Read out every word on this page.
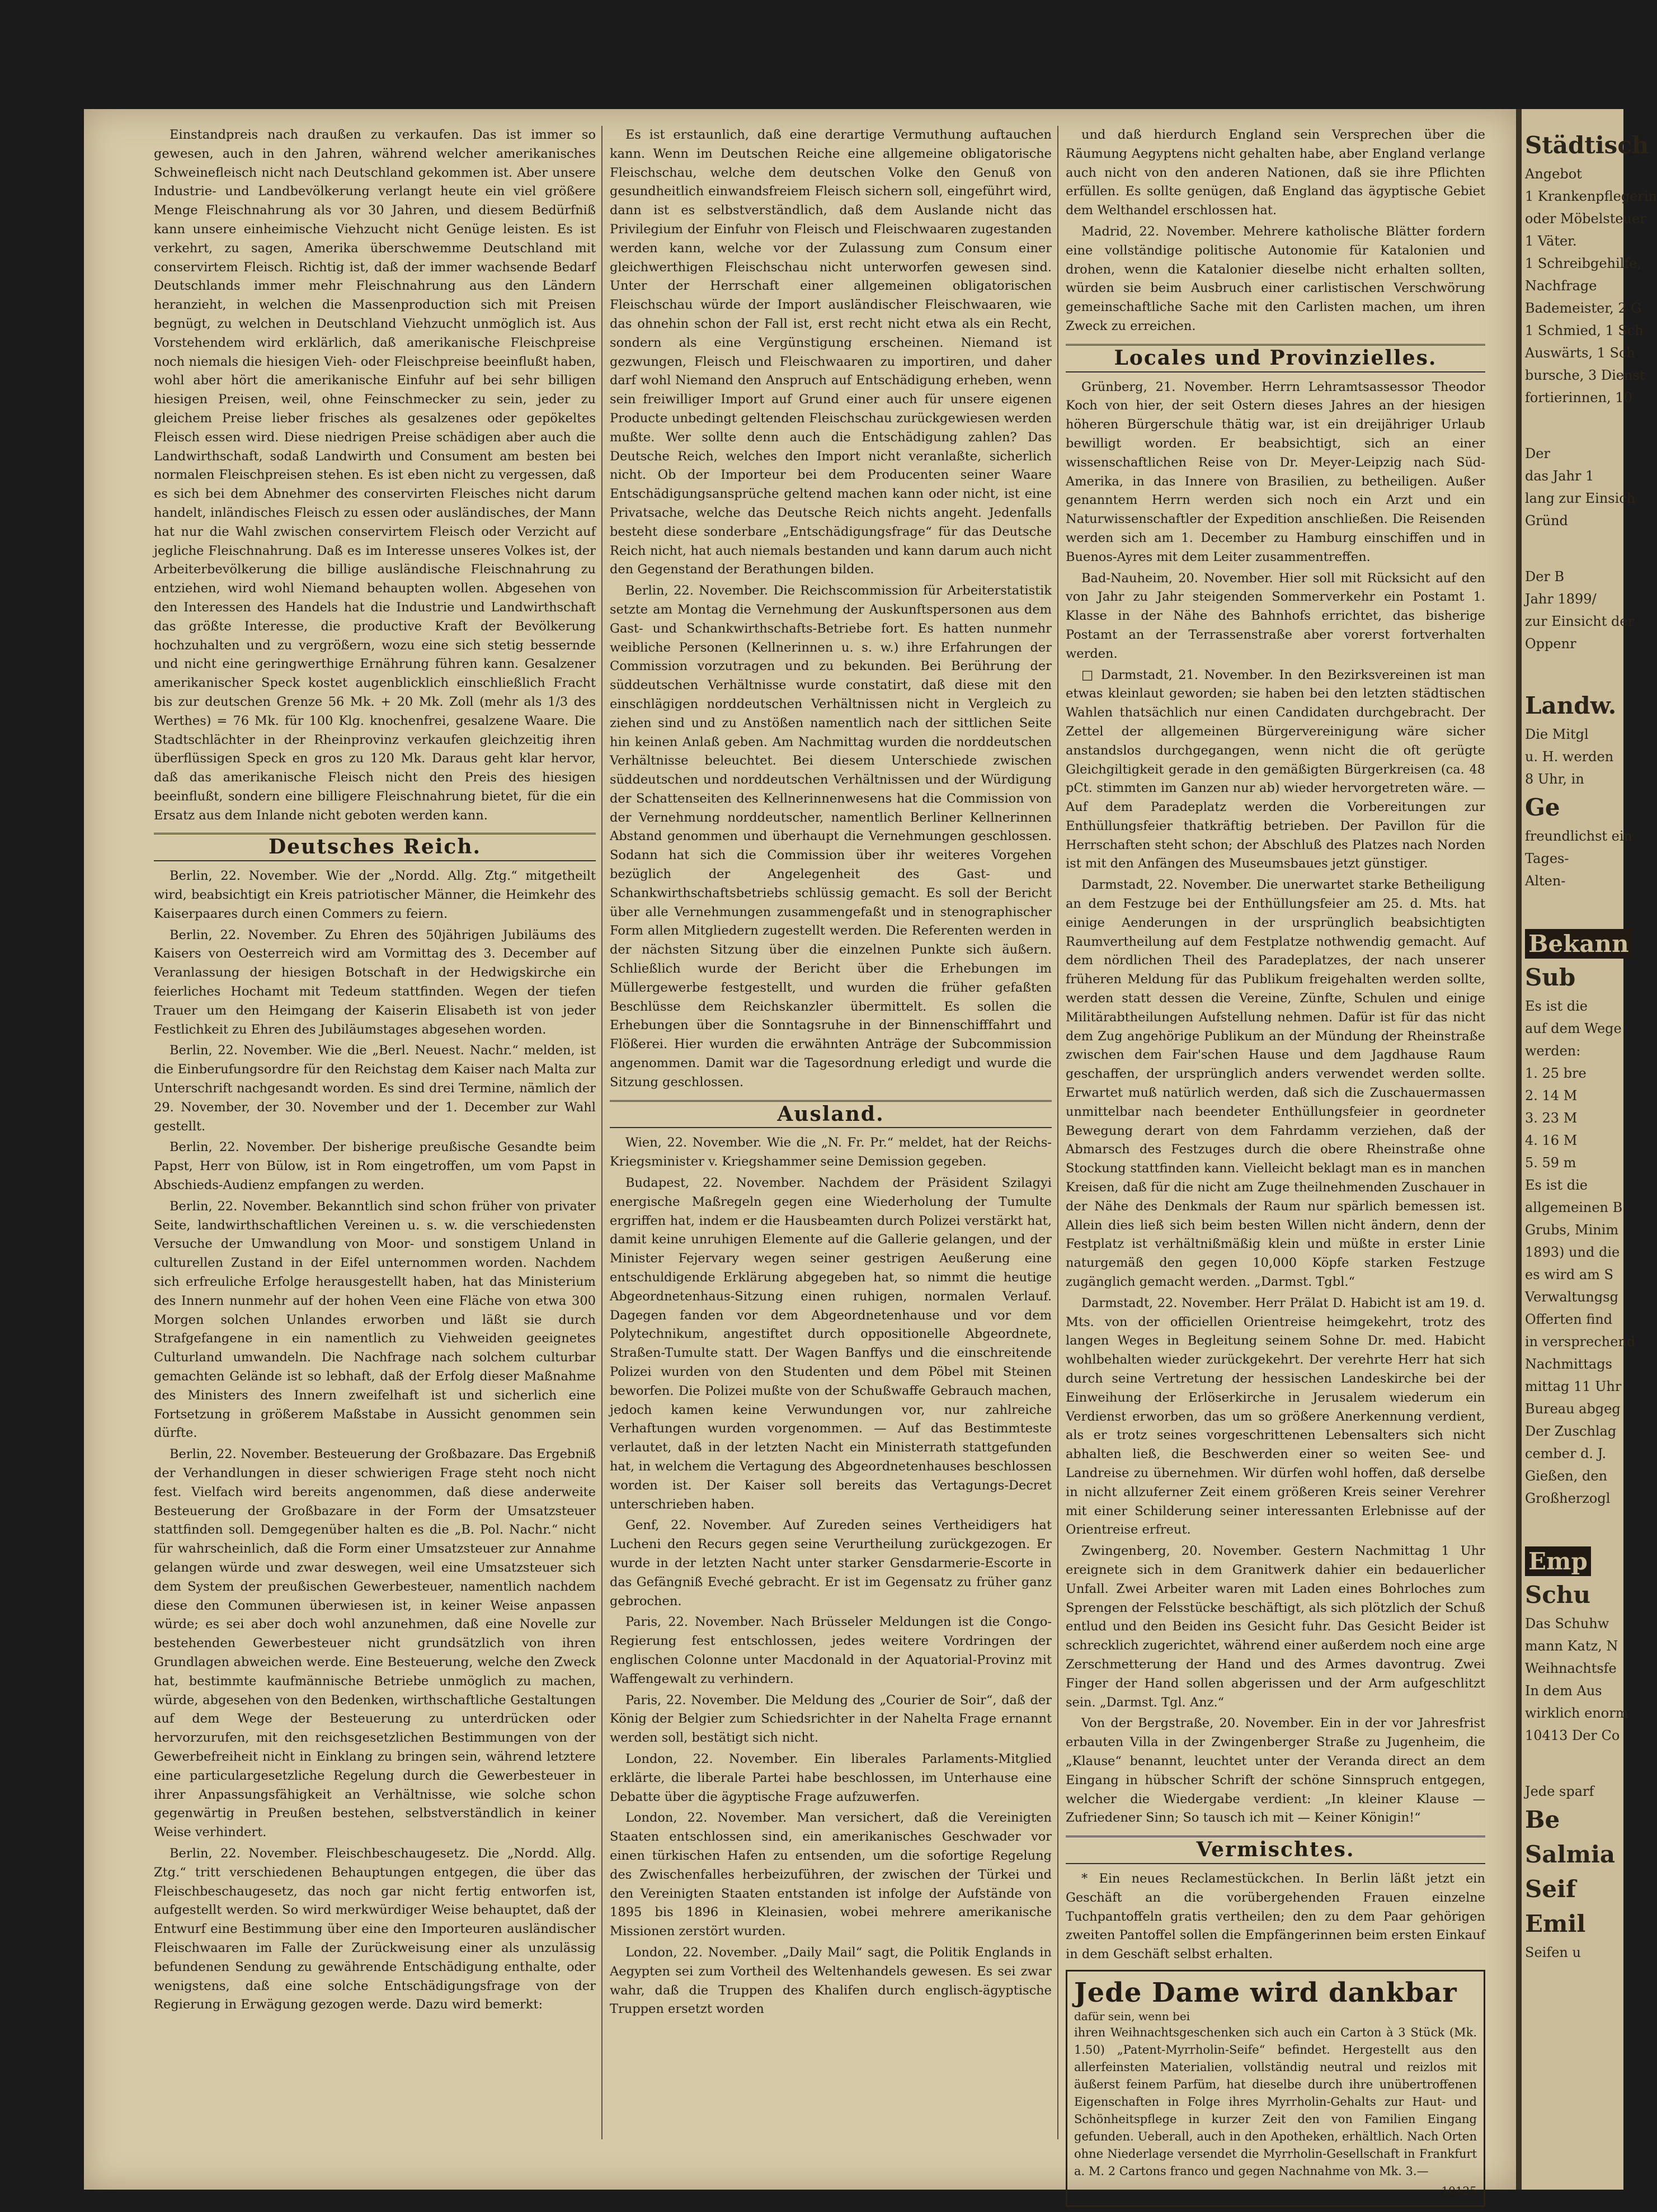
Einstandpreis nach draußen zu verkaufen. Das ist immer so gewesen, auch in den Jahren, während welcher amerikanisches Schweinefleisch nicht nach Deutschland gekommen ist. Aber unsere Industrie- und Landbevölkerung verlangt heute ein viel größere Menge Fleischnahrung als vor 30 Jahren, und diesem Bedürfniß kann unsere einheimische Viehzucht nicht Genüge leisten. Es ist verkehrt, zu sagen, Amerika überschwemme Deutschland mit conservirtem Fleisch. Richtig ist, daß der immer wachsende Bedarf Deutschlands immer mehr Fleischnahrung aus den Ländern heranzieht, in welchen die Massenproduction sich mit Preisen begnügt, zu welchen in Deutschland Viehzucht unmöglich ist. Aus Vorstehendem wird erklärlich, daß amerikanische Fleischpreise noch niemals die hiesigen Vieh- oder Fleischpreise beeinflußt haben, wohl aber hört die amerikanische Einfuhr auf bei sehr billigen hiesigen Preisen, weil, ohne Feinschmecker zu sein, jeder zu gleichem Preise lieber frisches als gesalzenes oder gepökeltes Fleisch essen wird. Diese niedrigen Preise schädigen aber auch die Landwirthschaft, sodaß Landwirth und Consument am besten bei normalen Fleischpreisen stehen. Es ist eben nicht zu vergessen, daß es sich bei dem Abnehmer des conservirten Fleisches nicht darum handelt, inländisches Fleisch zu essen oder ausländisches, der Mann hat nur die Wahl zwischen conservirtem Fleisch oder Verzicht auf jegliche Fleischnahrung. Daß es im Interesse unseres Volkes ist, der Arbeiterbevölkerung die billige ausländische Fleischnahrung zu entziehen, wird wohl Niemand behaupten wollen. Abgesehen von den Interessen des Handels hat die Industrie und Landwirthschaft das größte Interesse, die productive Kraft der Bevölkerung hochzuhalten und zu vergrößern, wozu eine sich stetig bessernde und nicht eine geringwerthige Ernährung führen kann. Gesalzener amerikanischer Speck kostet augenblicklich einschließlich Fracht bis zur deutschen Grenze 56 Mk. + 20 Mk. Zoll (mehr als 1/3 des Werthes) = 76 Mk. für 100 Klg. knochenfrei, gesalzene Waare. Die Stadtschlächter in der Rheinprovinz verkaufen gleichzeitig ihren überflüssigen Speck en gros zu 120 Mk. Daraus geht klar hervor, daß das amerikanische Fleisch nicht den Preis des hiesigen beeinflußt, sondern eine billigere Fleischnahrung bietet, für die ein Ersatz aus dem Inlande nicht geboten werden kann.

Deutsches Reich.

Berlin, 22. November. Wie der „Nordd. Allg. Ztg.“ mitgetheilt wird, beabsichtigt ein Kreis patriotischer Männer, die Heimkehr des Kaiserpaares durch einen Commers zu feiern.

Berlin, 22. November. Zu Ehren des 50jährigen Jubiläums des Kaisers von Oesterreich wird am Vormittag des 3. December auf Veranlassung der hiesigen Botschaft in der Hedwigskirche ein feierliches Hochamt mit Tedeum stattfinden. Wegen der tiefen Trauer um den Heimgang der Kaiserin Elisabeth ist von jeder Festlichkeit zu Ehren des Jubiläumstages abgesehen worden.

Berlin, 22. November. Wie die „Berl. Neuest. Nachr.“ melden, ist die Einberufungsordre für den Reichstag dem Kaiser nach Malta zur Unterschrift nachgesandt worden. Es sind drei Termine, nämlich der 29. November, der 30. November und der 1. December zur Wahl gestellt.

Berlin, 22. November. Der bisherige preußische Gesandte beim Papst, Herr von Bülow, ist in Rom eingetroffen, um vom Papst in Abschieds-Audienz empfangen zu werden.

Berlin, 22. November. Bekanntlich sind schon früher von privater Seite, landwirthschaftlichen Vereinen u. s. w. die verschiedensten Versuche der Umwandlung von Moor- und sonstigem Unland in culturellen Zustand in der Eifel unternommen worden. Nachdem sich erfreuliche Erfolge herausgestellt haben, hat das Ministerium des Innern nunmehr auf der hohen Veen eine Fläche von etwa 300 Morgen solchen Unlandes erworben und läßt sie durch Strafgefangene in ein namentlich zu Viehweiden geeignetes Culturland umwandeln. Die Nachfrage nach solchem culturbar gemachten Gelände ist so lebhaft, daß der Erfolg dieser Maßnahme des Ministers des Innern zweifelhaft ist und sicherlich eine Fortsetzung in größerem Maßstabe in Aussicht genommen sein dürfte.

Berlin, 22. November. Besteuerung der Großbazare. Das Ergebniß der Verhandlungen in dieser schwierigen Frage steht noch nicht fest. Vielfach wird bereits angenommen, daß diese anderweite Besteuerung der Großbazare in der Form der Umsatzsteuer stattfinden soll. Demgegenüber halten es die „B. Pol. Nachr.“ nicht für wahrscheinlich, daß die Form einer Umsatzsteuer zur Annahme gelangen würde und zwar deswegen, weil eine Umsatzsteuer sich dem System der preußischen Gewerbesteuer, namentlich nachdem diese den Communen überwiesen ist, in keiner Weise anpassen würde; es sei aber doch wohl anzunehmen, daß eine Novelle zur bestehenden Gewerbesteuer nicht grundsätzlich von ihren Grundlagen abweichen werde. Eine Besteuerung, welche den Zweck hat, bestimmte kaufmännische Betriebe unmöglich zu machen, würde, abgesehen von den Bedenken, wirthschaftliche Gestaltungen auf dem Wege der Besteuerung zu unterdrücken oder hervorzurufen, mit den reichsgesetzlichen Bestimmungen von der Gewerbefreiheit nicht in Einklang zu bringen sein, während letztere eine particulargesetzliche Regelung durch die Gewerbesteuer in ihrer Anpassungsfähigkeit an Verhältnisse, wie solche schon gegenwärtig in Preußen bestehen, selbstverständlich in keiner Weise verhindert.

Berlin, 22. November. Fleischbeschaugesetz. Die „Nordd. Allg. Ztg.“ tritt verschiedenen Behauptungen entgegen, die über das Fleischbeschaugesetz, das noch gar nicht fertig entworfen ist, aufgestellt werden. So wird merkwürdiger Weise behauptet, daß der Entwurf eine Bestimmung über eine den Importeuren ausländischer Fleischwaaren im Falle der Zurückweisung einer als unzulässig befundenen Sendung zu gewährende Entschädigung enthalte, oder wenigstens, daß eine solche Entschädigungsfrage von der Regierung in Erwägung gezogen werde. Dazu wird bemerkt:

Es ist erstaunlich, daß eine derartige Vermuthung auftauchen kann. Wenn im Deutschen Reiche eine allgemeine obligatorische Fleischschau, welche dem deutschen Volke den Genuß von gesundheitlich einwandsfreiem Fleisch sichern soll, eingeführt wird, dann ist es selbstverständlich, daß dem Auslande nicht das Privilegium der Einfuhr von Fleisch und Fleischwaaren zugestanden werden kann, welche vor der Zulassung zum Consum einer gleichwerthigen Fleischschau nicht unterworfen gewesen sind. Unter der Herrschaft einer allgemeinen obligatorischen Fleischschau würde der Import ausländischer Fleischwaaren, wie das ohnehin schon der Fall ist, erst recht nicht etwa als ein Recht, sondern als eine Vergünstigung erscheinen. Niemand ist gezwungen, Fleisch und Fleischwaaren zu importiren, und daher darf wohl Niemand den Anspruch auf Entschädigung erheben, wenn sein freiwilliger Import auf Grund einer auch für unsere eigenen Producte unbedingt geltenden Fleischschau zurückgewiesen werden mußte. Wer sollte denn auch die Entschädigung zahlen? Das Deutsche Reich, welches den Import nicht veranlaßte, sicherlich nicht. Ob der Importeur bei dem Producenten seiner Waare Entschädigungsansprüche geltend machen kann oder nicht, ist eine Privatsache, welche das Deutsche Reich nichts angeht. Jedenfalls besteht diese sonderbare „Entschädigungsfrage“ für das Deutsche Reich nicht, hat auch niemals bestanden und kann darum auch nicht den Gegenstand der Berathungen bilden.

Berlin, 22. November. Die Reichscommission für Arbeiterstatistik setzte am Montag die Vernehmung der Auskunftspersonen aus dem Gast- und Schankwirthschafts-Betriebe fort. Es hatten nunmehr weibliche Personen (Kellnerinnen u. s. w.) ihre Erfahrungen der Commission vorzutragen und zu bekunden. Bei Berührung der süddeutschen Verhältnisse wurde constatirt, daß diese mit den einschlägigen norddeutschen Verhältnissen nicht in Vergleich zu ziehen sind und zu Anstößen namentlich nach der sittlichen Seite hin keinen Anlaß geben. Am Nachmittag wurden die norddeutschen Verhältnisse beleuchtet. Bei diesem Unterschiede zwischen süddeutschen und norddeutschen Verhältnissen und der Würdigung der Schattenseiten des Kellnerinnenwesens hat die Commission von der Vernehmung norddeutscher, namentlich Berliner Kellnerinnen Abstand genommen und überhaupt die Vernehmungen geschlossen. Sodann hat sich die Commission über ihr weiteres Vorgehen bezüglich der Angelegenheit des Gast- und Schankwirthschaftsbetriebs schlüssig gemacht. Es soll der Bericht über alle Vernehmungen zusammengefaßt und in stenographischer Form allen Mitgliedern zugestellt werden. Die Referenten werden in der nächsten Sitzung über die einzelnen Punkte sich äußern. Schließlich wurde der Bericht über die Erhebungen im Müllergewerbe festgestellt, und wurden die früher gefaßten Beschlüsse dem Reichskanzler übermittelt. Es sollen die Erhebungen über die Sonntagsruhe in der Binnenschifffahrt und Flößerei. Hier wurden die erwähnten Anträge der Subcommission angenommen. Damit war die Tagesordnung erledigt und wurde die Sitzung geschlossen.

Ausland.

Wien, 22. November. Wie die „N. Fr. Pr.“ meldet, hat der Reichs-Kriegsminister v. Kriegshammer seine Demission gegeben.

Budapest, 22. November. Nachdem der Präsident Szilagyi energische Maßregeln gegen eine Wiederholung der Tumulte ergriffen hat, indem er die Hausbeamten durch Polizei verstärkt hat, damit keine unruhigen Elemente auf die Gallerie gelangen, und der Minister Fejervary wegen seiner gestrigen Aeußerung eine entschuldigende Erklärung abgegeben hat, so nimmt die heutige Abgeordnetenhaus-Sitzung einen ruhigen, normalen Verlauf. Dagegen fanden vor dem Abgeordnetenhause und vor dem Polytechnikum, angestiftet durch oppositionelle Abgeordnete, Straßen-Tumulte statt. Der Wagen Banffys und die einschreitende Polizei wurden von den Studenten und dem Pöbel mit Steinen beworfen. Die Polizei mußte von der Schußwaffe Gebrauch machen, jedoch kamen keine Verwundungen vor, nur zahlreiche Verhaftungen wurden vorgenommen. — Auf das Bestimmteste verlautet, daß in der letzten Nacht ein Ministerrath stattgefunden hat, in welchem die Vertagung des Abgeordnetenhauses beschlossen worden ist. Der Kaiser soll bereits das Vertagungs-Decret unterschrieben haben.

Genf, 22. November. Auf Zureden seines Vertheidigers hat Lucheni den Recurs gegen seine Verurtheilung zurückgezogen. Er wurde in der letzten Nacht unter starker Gensdarmerie-Escorte in das Gefängniß Eveché gebracht. Er ist im Gegensatz zu früher ganz gebrochen.

Paris, 22. November. Nach Brüsseler Meldungen ist die Congo-Regierung fest entschlossen, jedes weitere Vordringen der englischen Colonne unter Macdonald in der Aquatorial-Provinz mit Waffengewalt zu verhindern.

Paris, 22. November. Die Meldung des „Courier de Soir“, daß der König der Belgier zum Schiedsrichter in der Nahelta Frage ernannt werden soll, bestätigt sich nicht.

London, 22. November. Ein liberales Parlaments-Mitglied erklärte, die liberale Partei habe beschlossen, im Unterhause eine Debatte über die ägyptische Frage aufzuwerfen.

London, 22. November. Man versichert, daß die Vereinigten Staaten entschlossen sind, ein amerikanisches Geschwader vor einen türkischen Hafen zu entsenden, um die sofortige Regelung des Zwischenfalles herbeizuführen, der zwischen der Türkei und den Vereinigten Staaten entstanden ist infolge der Aufstände von 1895 bis 1896 in Kleinasien, wobei mehrere amerikanische Missionen zerstört wurden.

London, 22. November. „Daily Mail“ sagt, die Politik Englands in Aegypten sei zum Vortheil des Weltenhandels gewesen. Es sei zwar wahr, daß die Truppen des Khalifen durch englisch-ägyptische Truppen ersetzt worden

und daß hierdurch England sein Versprechen über die Räumung Aegyptens nicht gehalten habe, aber England verlange auch nicht von den anderen Nationen, daß sie ihre Pflichten erfüllen. Es sollte genügen, daß England das ägyptische Gebiet dem Welthandel erschlossen hat.

Madrid, 22. November. Mehrere katholische Blätter fordern eine vollständige politische Autonomie für Katalonien und drohen, wenn die Katalonier dieselbe nicht erhalten sollten, würden sie beim Ausbruch einer carlistischen Verschwörung gemeinschaftliche Sache mit den Carlisten machen, um ihren Zweck zu erreichen.

Locales und Provinzielles.

Grünberg, 21. November. Herrn Lehramtsassessor Theodor Koch von hier, der seit Ostern dieses Jahres an der hiesigen höheren Bürgerschule thätig war, ist ein dreijähriger Urlaub bewilligt worden. Er beabsichtigt, sich an einer wissenschaftlichen Reise von Dr. Meyer-Leipzig nach Süd-Amerika, in das Innere von Brasilien, zu betheiligen. Außer genanntem Herrn werden sich noch ein Arzt und ein Naturwissenschaftler der Expedition anschließen. Die Reisenden werden sich am 1. December zu Hamburg einschiffen und in Buenos-Ayres mit dem Leiter zusammentreffen.

Bad-Nauheim, 20. November. Hier soll mit Rücksicht auf den von Jahr zu Jahr steigenden Sommerverkehr ein Postamt 1. Klasse in der Nähe des Bahnhofs errichtet, das bisherige Postamt an der Terrassenstraße aber vorerst fortverhalten werden.

□ Darmstadt, 21. November. In den Bezirksvereinen ist man etwas kleinlaut geworden; sie haben bei den letzten städtischen Wahlen thatsächlich nur einen Candidaten durchgebracht. Der Zettel der allgemeinen Bürgervereinigung wäre sicher anstandslos durchgegangen, wenn nicht die oft gerügte Gleichgiltigkeit gerade in den gemäßigten Bürgerkreisen (ca. 48 pCt. stimmten im Ganzen nur ab) wieder hervorgetreten wäre. — Auf dem Paradeplatz werden die Vorbereitungen zur Enthüllungsfeier thatkräftig betrieben. Der Pavillon für die Herrschaften steht schon; der Abschluß des Platzes nach Norden ist mit den Anfängen des Museumsbaues jetzt günstiger.

Darmstadt, 22. November. Die unerwartet starke Betheiligung an dem Festzuge bei der Enthüllungsfeier am 25. d. Mts. hat einige Aenderungen in der ursprünglich beabsichtigten Raumvertheilung auf dem Festplatze nothwendig gemacht. Auf dem nördlichen Theil des Paradeplatzes, der nach unserer früheren Meldung für das Publikum freigehalten werden sollte, werden statt dessen die Vereine, Zünfte, Schulen und einige Militärabtheilungen Aufstellung nehmen. Dafür ist für das nicht dem Zug angehörige Publikum an der Mündung der Rheinstraße zwischen dem Fair'schen Hause und dem Jagdhause Raum geschaffen, der ursprünglich anders verwendet werden sollte. Erwartet muß natürlich werden, daß sich die Zuschauermassen unmittelbar nach beendeter Enthüllungsfeier in geordneter Bewegung derart von dem Fahrdamm verziehen, daß der Abmarsch des Festzuges durch die obere Rheinstraße ohne Stockung stattfinden kann. Vielleicht beklagt man es in manchen Kreisen, daß für die nicht am Zuge theilnehmenden Zuschauer in der Nähe des Denkmals der Raum nur spärlich bemessen ist. Allein dies ließ sich beim besten Willen nicht ändern, denn der Festplatz ist verhältnißmäßig klein und müßte in erster Linie naturgemäß den gegen 10,000 Köpfe starken Festzuge zugänglich gemacht werden. „Darmst. Tgbl.“

Darmstadt, 22. November. Herr Prälat D. Habicht ist am 19. d. Mts. von der officiellen Orientreise heimgekehrt, trotz des langen Weges in Begleitung seinem Sohne Dr. med. Habicht wohlbehalten wieder zurückgekehrt. Der verehrte Herr hat sich durch seine Vertretung der hessischen Landeskirche bei der Einweihung der Erlöserkirche in Jerusalem wiederum ein Verdienst erworben, das um so größere Anerkennung verdient, als er trotz seines vorgeschrittenen Lebensalters sich nicht abhalten ließ, die Beschwerden einer so weiten See- und Landreise zu übernehmen. Wir dürfen wohl hoffen, daß derselbe in nicht allzuferner Zeit einem größeren Kreis seiner Verehrer mit einer Schilderung seiner interessanten Erlebnisse auf der Orientreise erfreut.

Zwingenberg, 20. November. Gestern Nachmittag 1 Uhr ereignete sich in dem Granitwerk dahier ein bedauerlicher Unfall. Zwei Arbeiter waren mit Laden eines Bohrloches zum Sprengen der Felsstücke beschäftigt, als sich plötzlich der Schuß entlud und den Beiden ins Gesicht fuhr. Das Gesicht Beider ist schrecklich zugerichtet, während einer außerdem noch eine arge Zerschmetterung der Hand und des Armes davontrug. Zwei Finger der Hand sollen abgerissen und der Arm aufgeschlitzt sein. „Darmst. Tgl. Anz.“

Von der Bergstraße, 20. November. Ein in der vor Jahresfrist erbauten Villa in der Zwingenberger Straße zu Jugenheim, die „Klause“ benannt, leuchtet unter der Veranda direct an dem Eingang in hübscher Schrift der schöne Sinnspruch entgegen, welcher die Wiedergabe verdient: „In kleiner Klause — Zufriedener Sinn; So tausch ich mit — Keiner Königin!“

Vermischtes.

* Ein neues Reclamestückchen. In Berlin läßt jetzt ein Geschäft an die vorübergehenden Frauen einzelne Tuchpantoffeln gratis vertheilen; den zu dem Paar gehörigen zweiten Pantoffel sollen die Empfängerinnen beim ersten Einkauf in dem Geschäft selbst erhalten.

Jede Dame wird dankbar
dafür sein, wenn bei
ihren Weihnachtsgeschenken sich auch ein Carton à 3 Stück (Mk. 1.50) „Patent-Myrrholin-Seife“ befindet. Hergestellt aus den allerfeinsten Materialien, vollständig neutral und reizlos mit äußerst feinem Parfüm, hat dieselbe durch ihre unübertroffenen Eigenschaften in Folge ihres Myrrholin-Gehalts zur Haut- und Schönheitspflege in kurzer Zeit den von Familien Eingang gefunden. Ueberall, auch in den Apotheken, erhältlich. Nach Orten ohne Niederlage versendet die Myrrholin-Gesellschaft in Frankfurt a. M. 2 Cartons franco und gegen Nachnahme von Mk. 3.—
10125
Städtisch
Angebot
1 Krankenpflegerin
oder Möbelsteuer
1 Väter.
1 Schreibgehilfe,
Nachfrage
Bademeister, 2 G
1 Schmied, 1 Sch
Auswärts, 1 Sch
bursche, 3 Dienst
fortierinnen, 10
Der
das Jahr 1
lang zur Einsich
Gründ
Der B
Jahr 1899/
zur Einsicht der
Oppenr
Landw.
Die Mitgl
u. H. werden
8 Uhr, in
Ge
freundlichst ein
Tages-
Alten-
Bekann
Sub
Es ist die
auf dem Wege
werden:
1. 25 bre
2. 14 M
3. 23 M
4. 16 M
5. 59 m
Es ist die
allgemeinen B
Grubs, Minim
1893) und die
es wird am S
Verwaltungsg
Offerten find
in versprechend
Nachmittags
mittag 11 Uhr
Bureau abgeg
Der Zuschlag
cember d. J.
Gießen, den
Großherzogl
Emp
Schu
Das Schuhw
mann Katz, N
Weihnachtsfe
In dem Aus
wirklich enorm
10413 Der Co
Jede sparf
Be
Salmia
Seif
Emil
Seifen u
